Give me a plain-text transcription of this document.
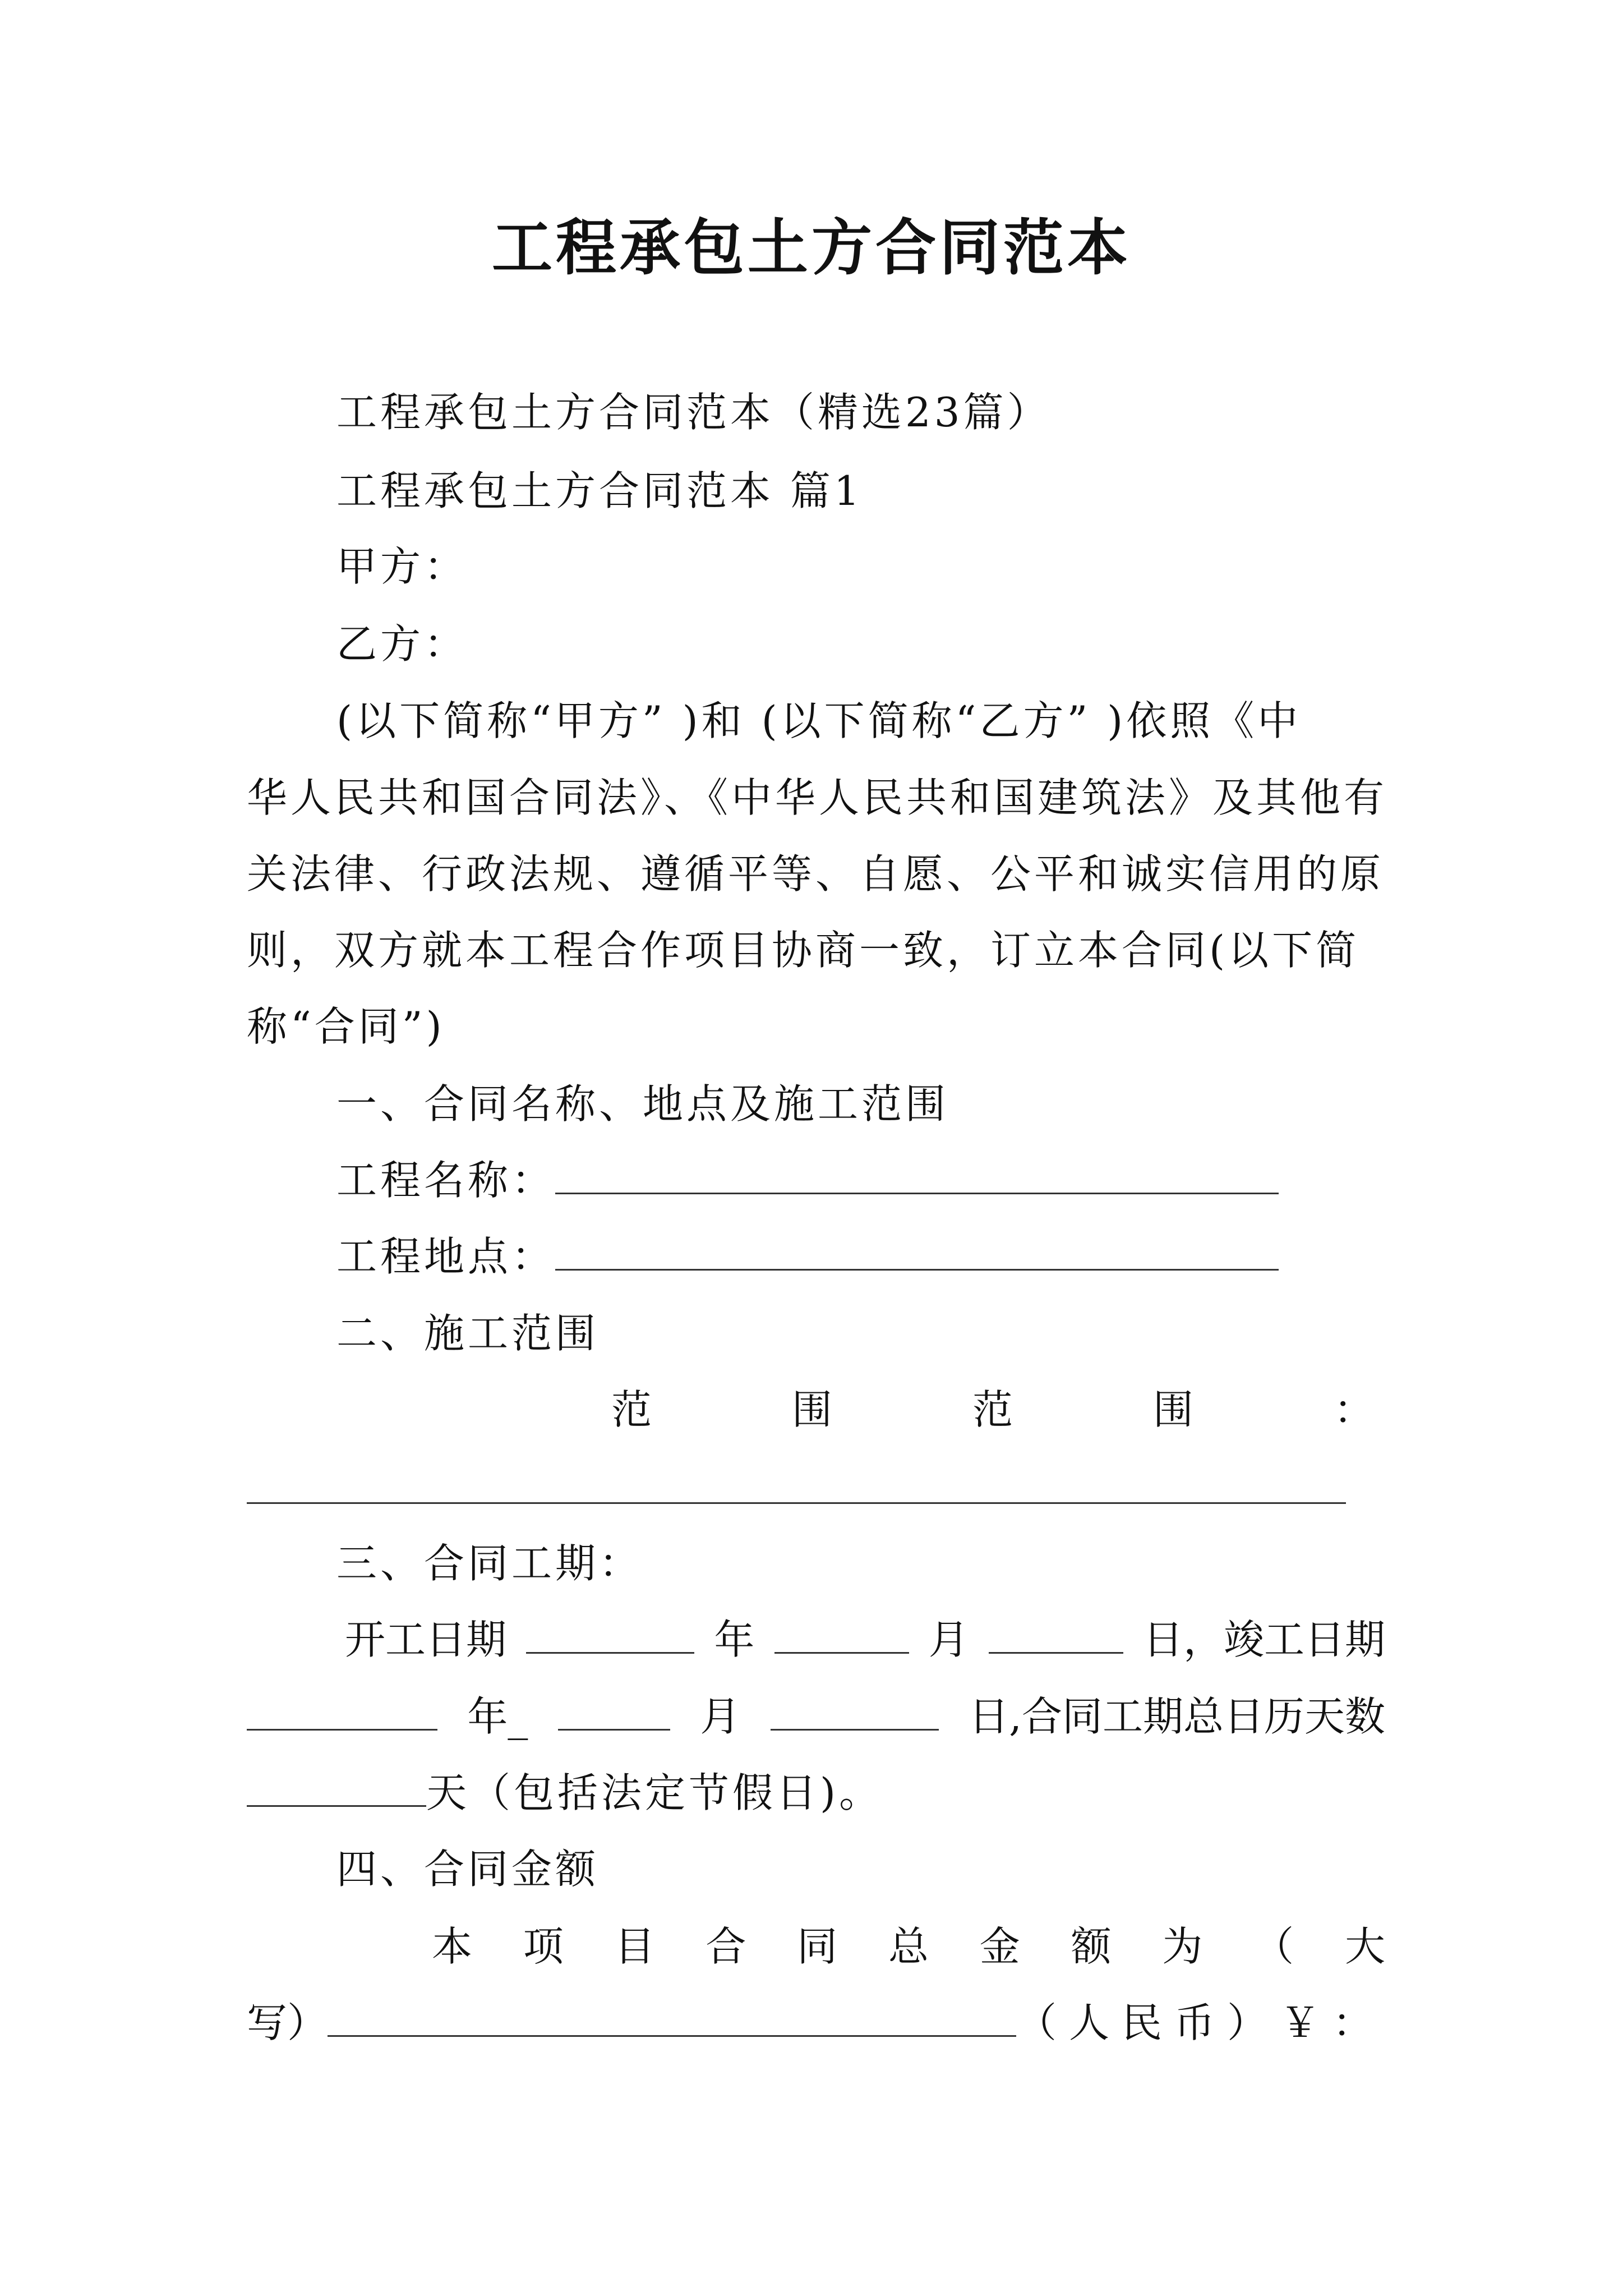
工程承包土方合同范本
工程承包土方合同范本（精选23篇）
工程承包土方合同范本 篇1
甲方：
乙方：
(以下简称“甲方” )和 (以下简称“乙方” )依照《中
华人民共和国合同法》、《中华人民共和国建筑法》及其他有
关法律、行政法规、遵循平等、自愿、公平和诚实信用的原
则，双方就本工程合作项目协商一致，订立本合同(以下简
称“合同”)
一、合同名称、地点及施工范围
工程名称：
工程地点：
二、施工范围
范	围	范	围	：
三、合同工期：
开工日期	年	月	日，竣工日期
年_	月	日,合同工期总日历天数
天（包括法定节假日)。
四、合同金额
本 项 目 合 同 总 金 额 为 （ 大
写）	（人民币）￥：
